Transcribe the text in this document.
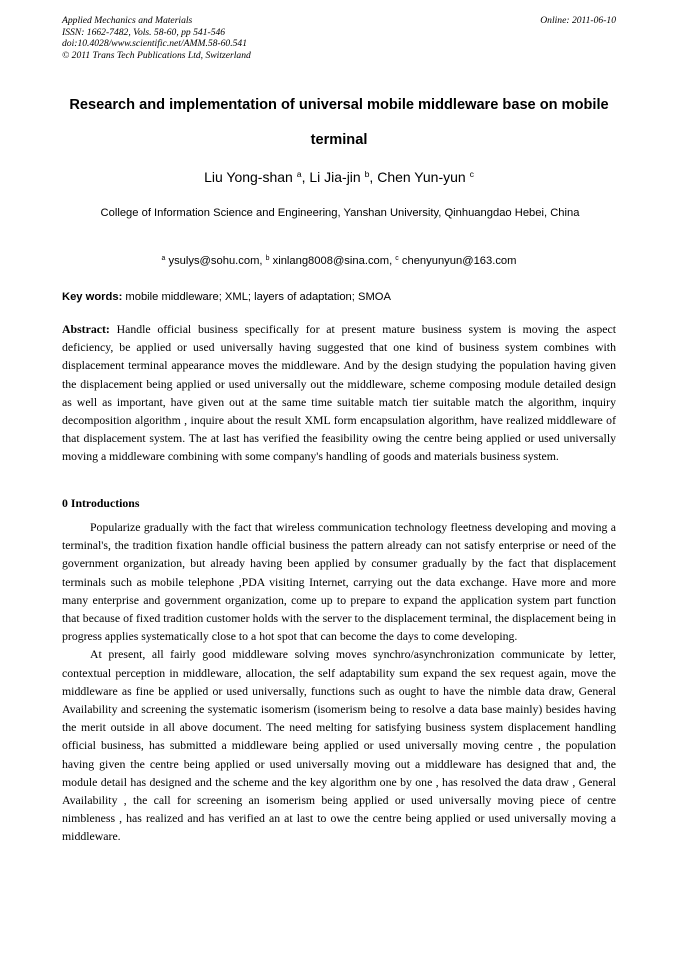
Applied Mechanics and Materials
ISSN: 1662-7482, Vols. 58-60, pp 541-546
doi:10.4028/www.scientific.net/AMM.58-60.541
© 2011 Trans Tech Publications Ltd, Switzerland
Online: 2011-06-10
Research and implementation of universal mobile middleware base on mobile terminal
Liu Yong-shan $^a$, Li Jia-jin $^b$, Chen Yun-yun $^c$
College of Information Science and Engineering, Yanshan University, Qinhuangdao Hebei, China
$^a$ ysulys@sohu.com, $^b$ xinlang8008@sina.com, $^c$ chenyunyun@163.com
Key words: mobile middleware; XML; layers of adaptation; SMOA
Abstract: Handle official business specifically for at present mature business system is moving the aspect deficiency, be applied or used universally having suggested that one kind of business system combines with displacement terminal appearance moves the middleware. And by the design studying the population having given the displacement being applied or used universally out the middleware, scheme composing module detailed design as well as important, have given out at the same time suitable match tier suitable match the algorithm, inquiry decomposition algorithm , inquire about the result XML form encapsulation algorithm, have realized middleware of that displacement system. The at last has verified the feasibility owing the centre being applied or used universally moving a middleware combining with some company's handling of goods and materials business system.
0 Introductions

Popularize gradually with the fact that wireless communication technology fleetness developing and moving a terminal's, the tradition fixation handle official business the pattern already can not satisfy enterprise or need of the government organization, but already having been applied by consumer gradually by the fact that displacement terminals such as mobile telephone ,PDA visiting Internet, carrying out the data exchange. Have more and more many enterprise and government organization, come up to prepare to expand the application system part function that because of fixed tradition customer holds with the server to the displacement terminal, the displacement being in progress applies systematically close to a hot spot that can become the days to come developing.

At present, all fairly good middleware solving moves synchro/asynchronization communicate by letter, contextual perception in middleware, allocation, the self adaptability sum expand the sex request again, move the middleware as fine be applied or used universally, functions such as ought to have the nimble data draw, General Availability and screening the systematic isomerism (isomerism being to resolve a data base mainly) besides having the merit outside in all above document. The need melting for satisfying business system displacement handling official business, has submitted a middleware being applied or used universally moving centre , the population having given the centre being applied or used universally moving out a middleware has designed that and, the module detail has designed and the scheme and the key algorithm one by one , has resolved the data draw , General Availability , the call for screening an isomerism being applied or used universally moving piece of centre nimbleness , has realized and has verified an at last to owe the centre being applied or used universally moving a middleware.
